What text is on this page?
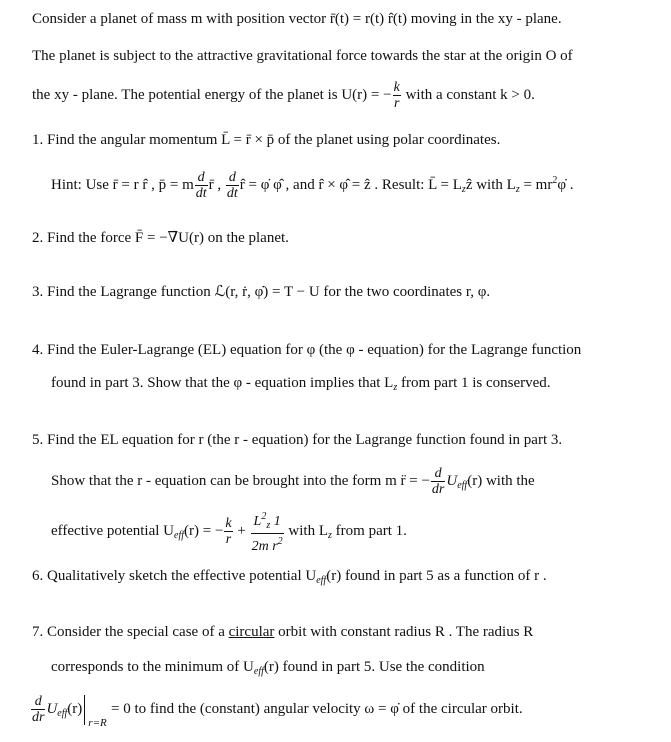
Consider a planet of mass m with position vector r̄(t) = r(t) r̂(t) moving in the xy - plane.
The planet is subject to the attractive gravitational force towards the star at the origin O of
the xy - plane. The potential energy of the planet is U(r) = − $\frac{k}{r}$ with a constant k > 0.
1. Find the angular momentum L̄ = r̄ × p̄ of the planet using polar coordinates.
Hint: Use r̄ = r r̂ , p̄ = m $\frac{d}{dt}$ r̄ , $\frac{d}{dt}$ r̂ = φ̇ φ̂ , and r̂ × φ̂ = ẑ . Result: L̄ = $L_zẑ$ with $L_z$ = $mr^2\varphi̇$ .
2. Find the force F̄ = −∇̄U(r) on the planet.
3. Find the Lagrange function ℒ(r, ṙ, φ̇) = T − U for the two coordinates r, φ.
4. Find the Euler-Lagrange (EL) equation for φ (the φ - equation) for the Lagrange function
found in part 3. Show that the φ - equation implies that $L_z$ from part 1 is conserved.
5. Find the EL equation for r (the r - equation) for the Lagrange function found in part 3.
Show that the r - equation can be brought into the form m r̈ = − $\frac{d}{dr} U_{eff}(r)$ with the
effective potential $U_{eff}(r)$ = − $\frac{k}{r} + \frac{L^2_z 1}{2m r^2}$ with $L_z$ from part 1.
6. Qualitatively sketch the effective potential $U_{eff}(r)$ found in part 5 as a function of r .
7. Consider the special case of a circular orbit with constant radius R . The radius R
corresponds to the minimum of $U_{eff}(r)$ found in part 5. Use the condition
$\frac{d}{dr} U_{eff}(r)$
r=R
= 0 to find the (constant) angular velocity ω = φ̇ of the circular orbit.
